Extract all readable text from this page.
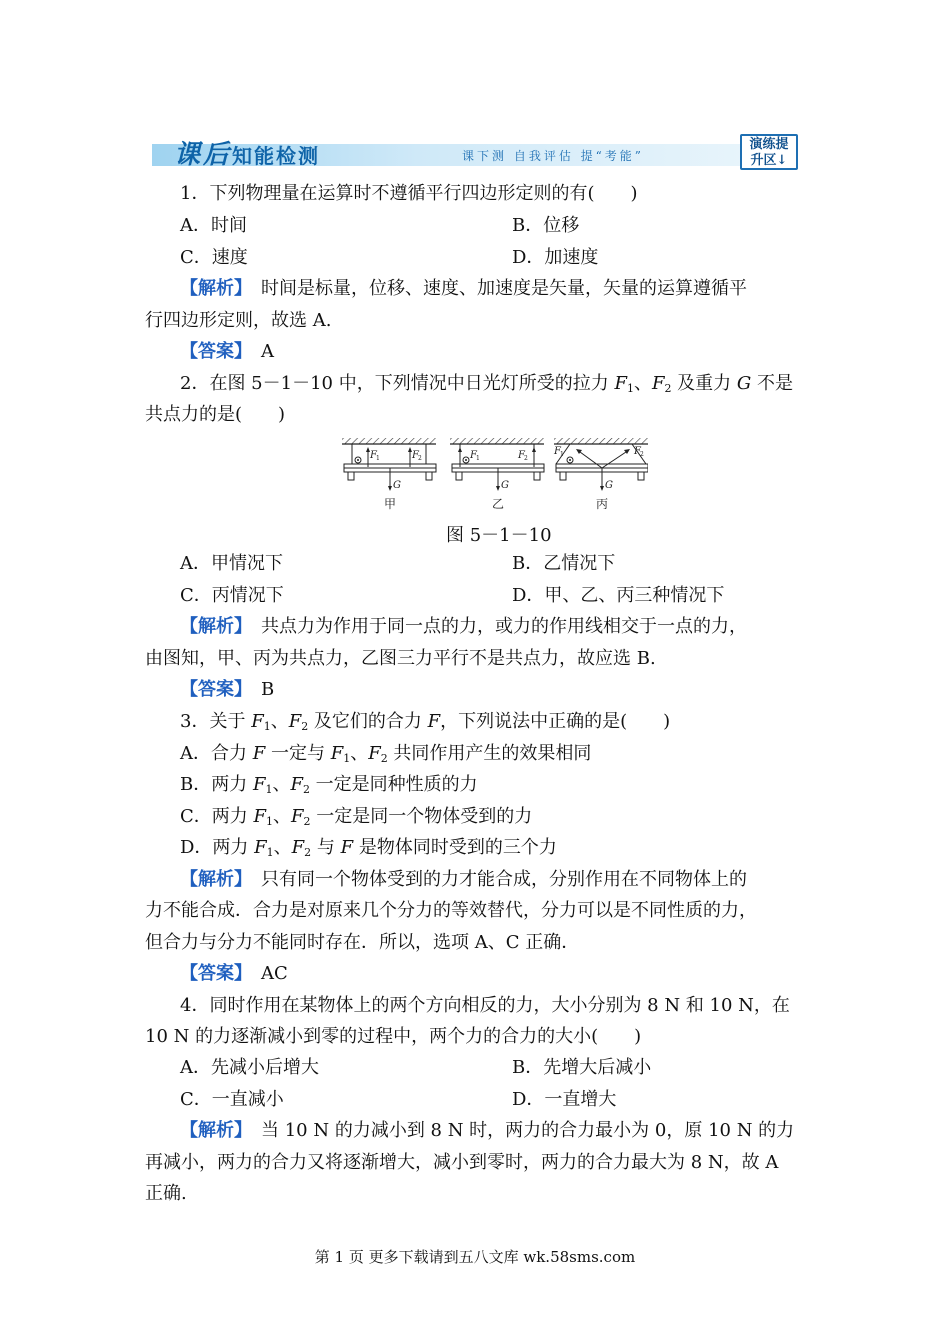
课后知能检测	课下测 自我评估 提“考能”
演练提
升区↓
1．下列物理量在运算时不遵循平行四边形定则的有(　　)
A．时间	B．位移
C．速度	D．加速度
【解析】　 时间是标量，位移、速度、加速度是矢量，矢量的运算遵循平
行四边形定则，故选 A.
【答案】　 A
2．在图 5－1－10 中，下列情况中日光灯所受的拉力 $F_1$、$F_2$ 及重力 G 不是
共点力的是(　　)
F 1	F 2
G
甲
F 1	F 2
G
乙
F 1	F 2
G
丙
图 5－1－10
A．甲情况下	B．乙情况下
C．丙情况下	D．甲、乙、丙三种情况下
【解析】　 共点力为作用于同一点的力，或力的作用线相交于一点的力，
由图知，甲、丙为共点力，乙图三力平行不是共点力，故应选 B.
【答案】　 B
3．关于 $F_1$、$F_2$ 及它们的合力 F，下列说法中正确的是(　　)
A．合力 F 一定与 $F_1$、$F_2$ 共同作用产生的效果相同
B．两力 $F_1$、$F_2$ 一定是同种性质的力
C．两力 $F_1$、$F_2$ 一定是同一个物体受到的力
D．两力 $F_1$、$F_2$ 与 F 是物体同时受到的三个力
【解析】　 只有同一个物体受到的力才能合成，分别作用在不同物体上的
力不能合成．合力是对原来几个分力的等效替代，分力可以是不同性质的力，
但合力与分力不能同时存在．所以，选项 A、C 正确．
【答案】　 AC
4．同时作用在某物体上的两个方向相反的力，大小分别为 8 N 和 10 N，在
10 N 的力逐渐减小到零的过程中，两个力的合力的大小(　　)
A．先减小后增大	B．先增大后减小
C．一直减小	D．一直增大
【解析】　 当 10 N 的力减小到 8 N 时，两力的合力最小为 0，原 10 N 的力
再减小，两力的合力又将逐渐增大，减小到零时，两力的合力最大为 8 N，故 A
正确.
第 1 页 更多下载请到五八文库 wk.58sms.com
